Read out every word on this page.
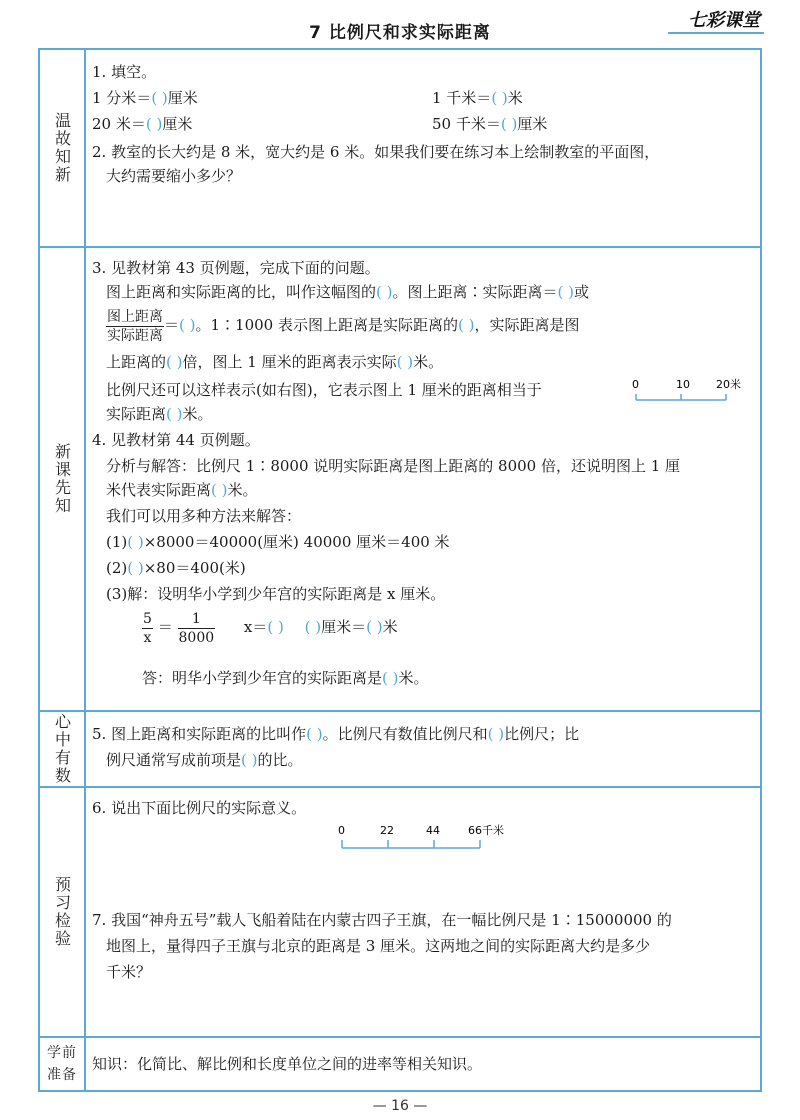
7 比例尺和求实际距离
七彩课堂
温故知新
1. 填空。
1 分米＝( )厘米	1 千米＝( )米
20 米＝( )厘米	50 千米＝( )厘米
2. 教室的长大约是 8 米，宽大约是 6 米。如果我们要在练习本上绘制教室的平面图，
大约需要缩小多少？
新课先知
3. 见教材第 43 页例题，完成下面的问题。
图上距离和实际距离的比，叫作这幅图的( )。图上距离∶实际距离＝( )或
$\frac{\text{图上距离}}{\text{实际距离}}$ ＝( )。1∶1000 表示图上距离是实际距离的( )，实际距离是图
上距离的( )倍，图上 1 厘米的距离表示实际( )米。
比例尺还可以这样表示(如右图)，它表示图上 1 厘米的距离相当于	0	10 20米
实际距离( )米。
4. 见教材第 44 页例题。
分析与解答：比例尺 1∶8000 说明实际距离是图上距离的 8000 倍，还说明图上 1 厘
米代表实际距离( )米。
我们可以用多种方法来解答：
(1)( )×8000＝40000(厘米) 40000 厘米＝400 米
(2)( )×80＝400(米)
(3)解：设明华小学到少年宫的实际距离是 x 厘米。
$\frac{5}{x} = \frac{1}{8000} x=$( ) ( )厘米＝( )米
答：明华小学到少年宫的实际距离是( )米。
心中有数 5. 图上距离和实际距离的比叫作( )。比例尺有数值比例尺和( )比例尺；比
例尺通常写成前项是( )的比。
预习检验
6. 说出下面比例尺的实际意义。
0	22	44	66千米
7. 我国“神舟五号”载人飞船着陆在内蒙古四子王旗，在一幅比例尺是 1∶15000000 的
地图上，量得四子王旗与北京的距离是 3 厘米。这两地之间的实际距离大约是多少
千米？
学前准备
知识：化简比、解比例和长度单位之间的进率等相关知识。
— 16 —
